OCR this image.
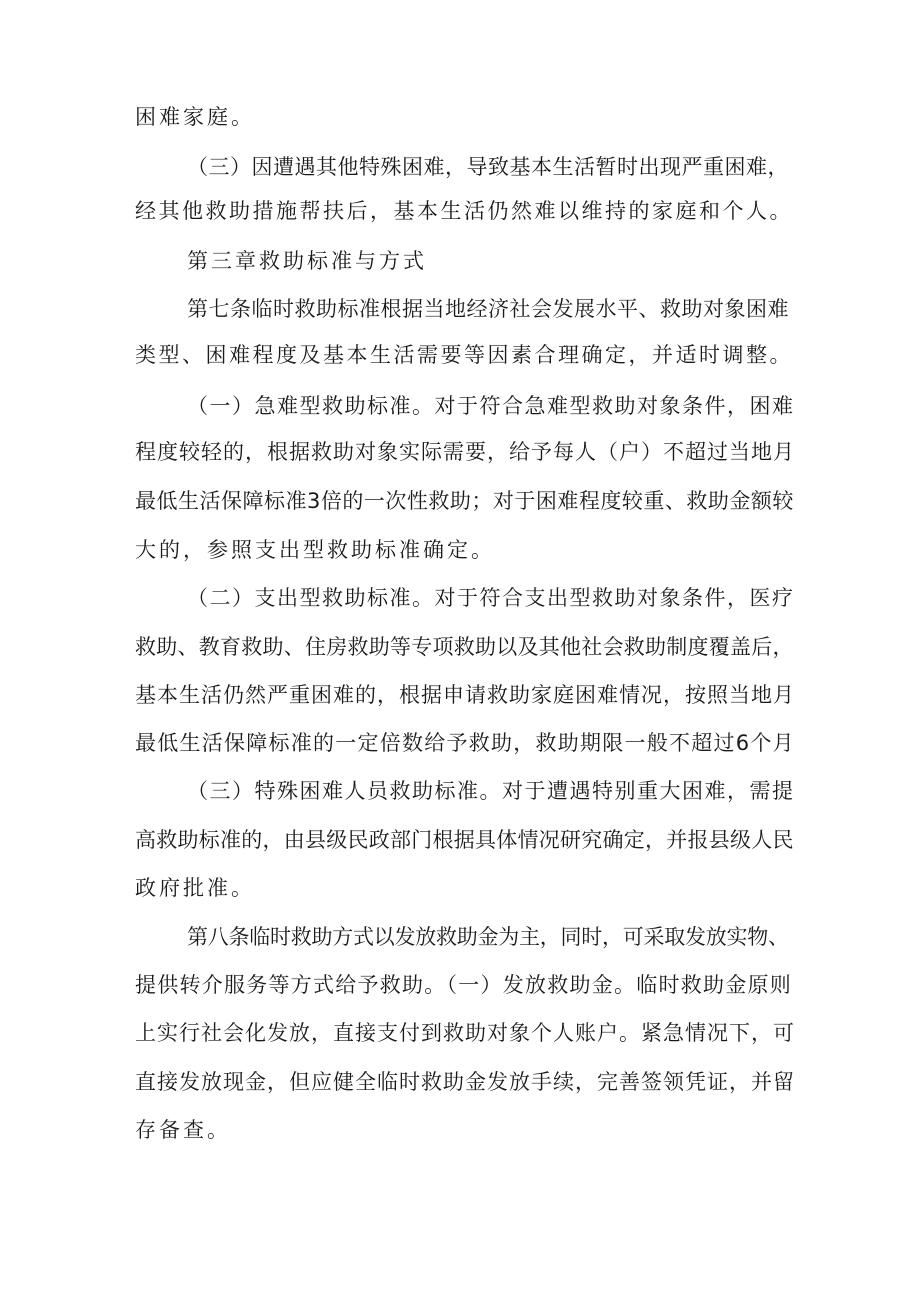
困难家庭。

（三）因遭遇其他特殊困难，导致基本生活暂时出现严重困难，

经其他救助措施帮扶后，基本生活仍然难以维持的家庭和个人。

第三章救助标准与方式

第七条临时救助标准根据当地经济社会发展水平、救助对象困难

类型、困难程度及基本生活需要等因素合理确定，并适时调整。

（一）急难型救助标准。对于符合急难型救助对象条件，困难

程度较轻的，根据救助对象实际需要，给予每人（户）不超过当地月

最低生活保障标准3倍的一次性救助；对于困难程度较重、救助金额较

大的，参照支出型救助标准确定。

（二）支出型救助标准。对于符合支出型救助对象条件，医疗

救助、教育救助、住房救助等专项救助以及其他社会救助制度覆盖后，

基本生活仍然严重困难的，根据申请救助家庭困难情况，按照当地月

最低生活保障标准的一定倍数给予救助，救助期限一般不超过6个月

（三）特殊困难人员救助标准。对于遭遇特别重大困难，需提

高救助标准的，由县级民政部门根据具体情况研究确定，并报县级人民

政府批准。

第八条临时救助方式以发放救助金为主，同时，可采取发放实物、

提供转介服务等方式给予救助。（一）发放救助金。临时救助金原则

上实行社会化发放，直接支付到救助对象个人账户。紧急情况下，可

直接发放现金，但应健全临时救助金发放手续，完善签领凭证，并留

存备查。
